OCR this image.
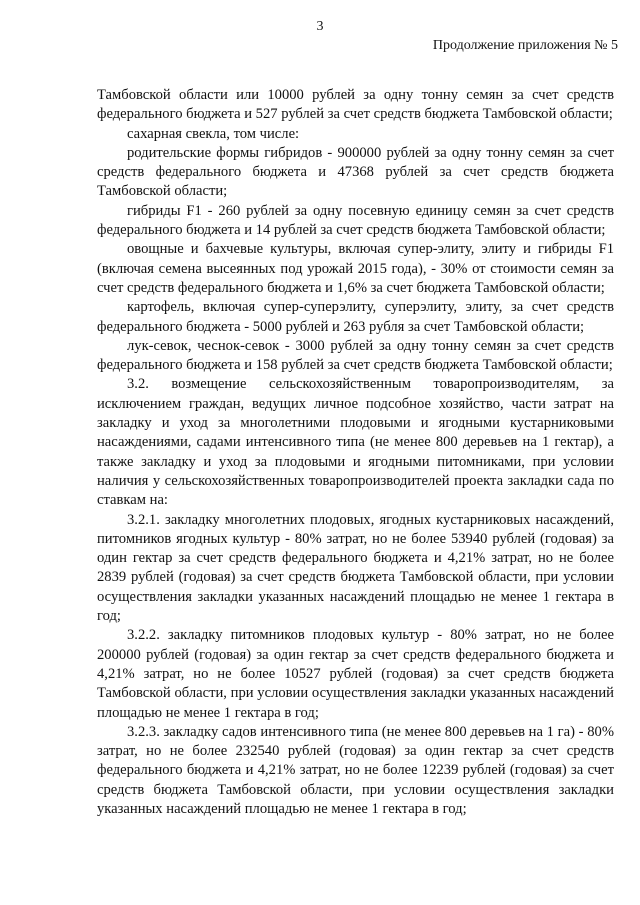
3
Продолжение приложения № 5

Тамбовской области или 10000 рублей за одну тонну семян за счет средств федерального бюджета и 527 рублей за счет средств бюджета Тамбовской области;

сахарная свекла, том числе:

родительские формы гибридов - 900000 рублей за одну тонну семян за счет средств федерального бюджета и 47368 рублей за счет средств бюджета Тамбовской области;

гибриды F1 - 260 рублей за одну посевную единицу семян за счет средств федерального бюджета и 14 рублей за счет средств бюджета Тамбовской области;

овощные и бахчевые культуры, включая супер-элиту, элиту и гибриды F1 (включая семена высеянных под урожай 2015 года), - 30% от стоимости семян за счет средств федерального бюджета и 1,6% за счет бюджета Тамбовской области;

картофель, включая супер-суперэлиту, суперэлиту, элиту, за счет средств федерального бюджета - 5000 рублей и 263 рубля за счет Тамбовской области;

лук-севок, чеснок-севок - 3000 рублей за одну тонну семян за счет средств федерального бюджета и 158 рублей за счет средств бюджета Тамбовской области;

3.2. возмещение сельскохозяйственным товаропроизводителям, за исключением граждан, ведущих личное подсобное хозяйство, части затрат на закладку и уход за многолетними плодовыми и ягодными кустарниковыми насаждениями, садами интенсивного типа (не менее 800 деревьев на 1 гектар), а также закладку и уход за плодовыми и ягодными питомниками, при условии наличия у сельскохозяйственных товаропроизводителей проекта закладки сада по ставкам на:

3.2.1. закладку многолетних плодовых, ягодных кустарниковых насаждений, питомников ягодных культур - 80% затрат, но не более 53940 рублей (годовая) за один гектар за счет средств федерального бюджета и 4,21% затрат, но не более 2839 рублей (годовая) за счет средств бюджета Тамбовской области, при условии осуществления закладки указанных насаждений площадью не менее 1 гектара в год;

3.2.2. закладку питомников плодовых культур - 80% затрат, но не более 200000 рублей (годовая) за один гектар за счет средств федерального бюджета и 4,21% затрат, но не более 10527 рублей (годовая) за счет средств бюджета Тамбовской области, при условии осуществления закладки указанных насаждений площадью не менее 1 гектара в год;

3.2.3. закладку садов интенсивного типа (не менее 800 деревьев на 1 га) - 80% затрат, но не более 232540 рублей (годовая) за один гектар за счет средств федерального бюджета и 4,21% затрат, но не более 12239 рублей (годовая) за счет средств бюджета Тамбовской области, при условии осуществления закладки указанных насаждений площадью не менее 1 гектара в год;
